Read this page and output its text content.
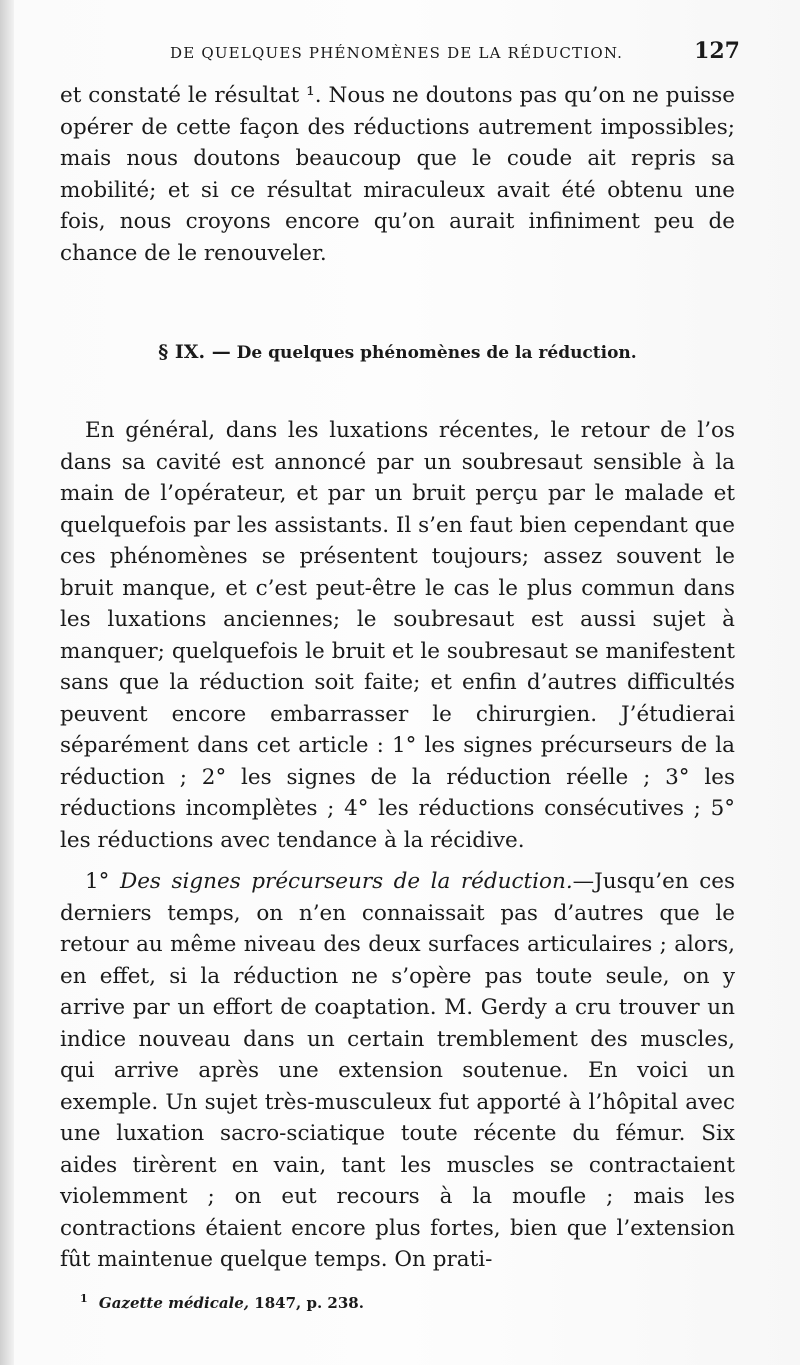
DE QUELQUES PHÉNOMÈNES DE LA RÉDUCTION.	127

et constaté le résultat ¹. Nous ne doutons pas qu’on ne puisse opérer de cette façon des réductions autrement impossibles; mais nous doutons beaucoup que le coude ait repris sa mobilité; et si ce résultat miraculeux avait été obtenu une fois, nous croyons encore qu’on aurait infiniment peu de chance de le renouveler.

§ IX. — De quelques phénomènes de la réduction.

En général, dans les luxations récentes, le retour de l’os dans sa cavité est annoncé par un soubresaut sensible à la main de l’opérateur, et par un bruit perçu par le malade et quelquefois par les assistants. Il s’en faut bien cependant que ces phénomènes se présentent toujours; assez souvent le bruit manque, et c’est peut-être le cas le plus commun dans les luxations anciennes; le soubresaut est aussi sujet à manquer; quelquefois le bruit et le soubresaut se manifestent sans que la réduction soit faite; et enfin d’autres difficultés peuvent encore embarrasser le chirurgien. J’étudierai séparément dans cet article : 1° les signes précurseurs de la réduction ; 2° les signes de la réduction réelle ; 3° les réductions incomplètes ; 4° les réductions consécutives ; 5° les réductions avec tendance à la récidive.

1° Des signes précurseurs de la réduction.—Jusqu’en ces derniers temps, on n’en connaissait pas d’autres que le retour au même niveau des deux surfaces articulaires ; alors, en effet, si la réduction ne s’opère pas toute seule, on y arrive par un effort de coaptation. M. Gerdy a cru trouver un indice nouveau dans un certain tremblement des muscles, qui arrive après une extension soutenue. En voici un exemple. Un sujet très-musculeux fut apporté à l’hôpital avec une luxation sacro-sciatique toute récente du fémur. Six aides tirèrent en vain, tant les muscles se contractaient violemment ; on eut recours à la moufle ; mais les contractions étaient encore plus fortes, bien que l’extension fût maintenue quelque temps. On prati-

$^1$ Gazette médicale, 1847, p. 238.
